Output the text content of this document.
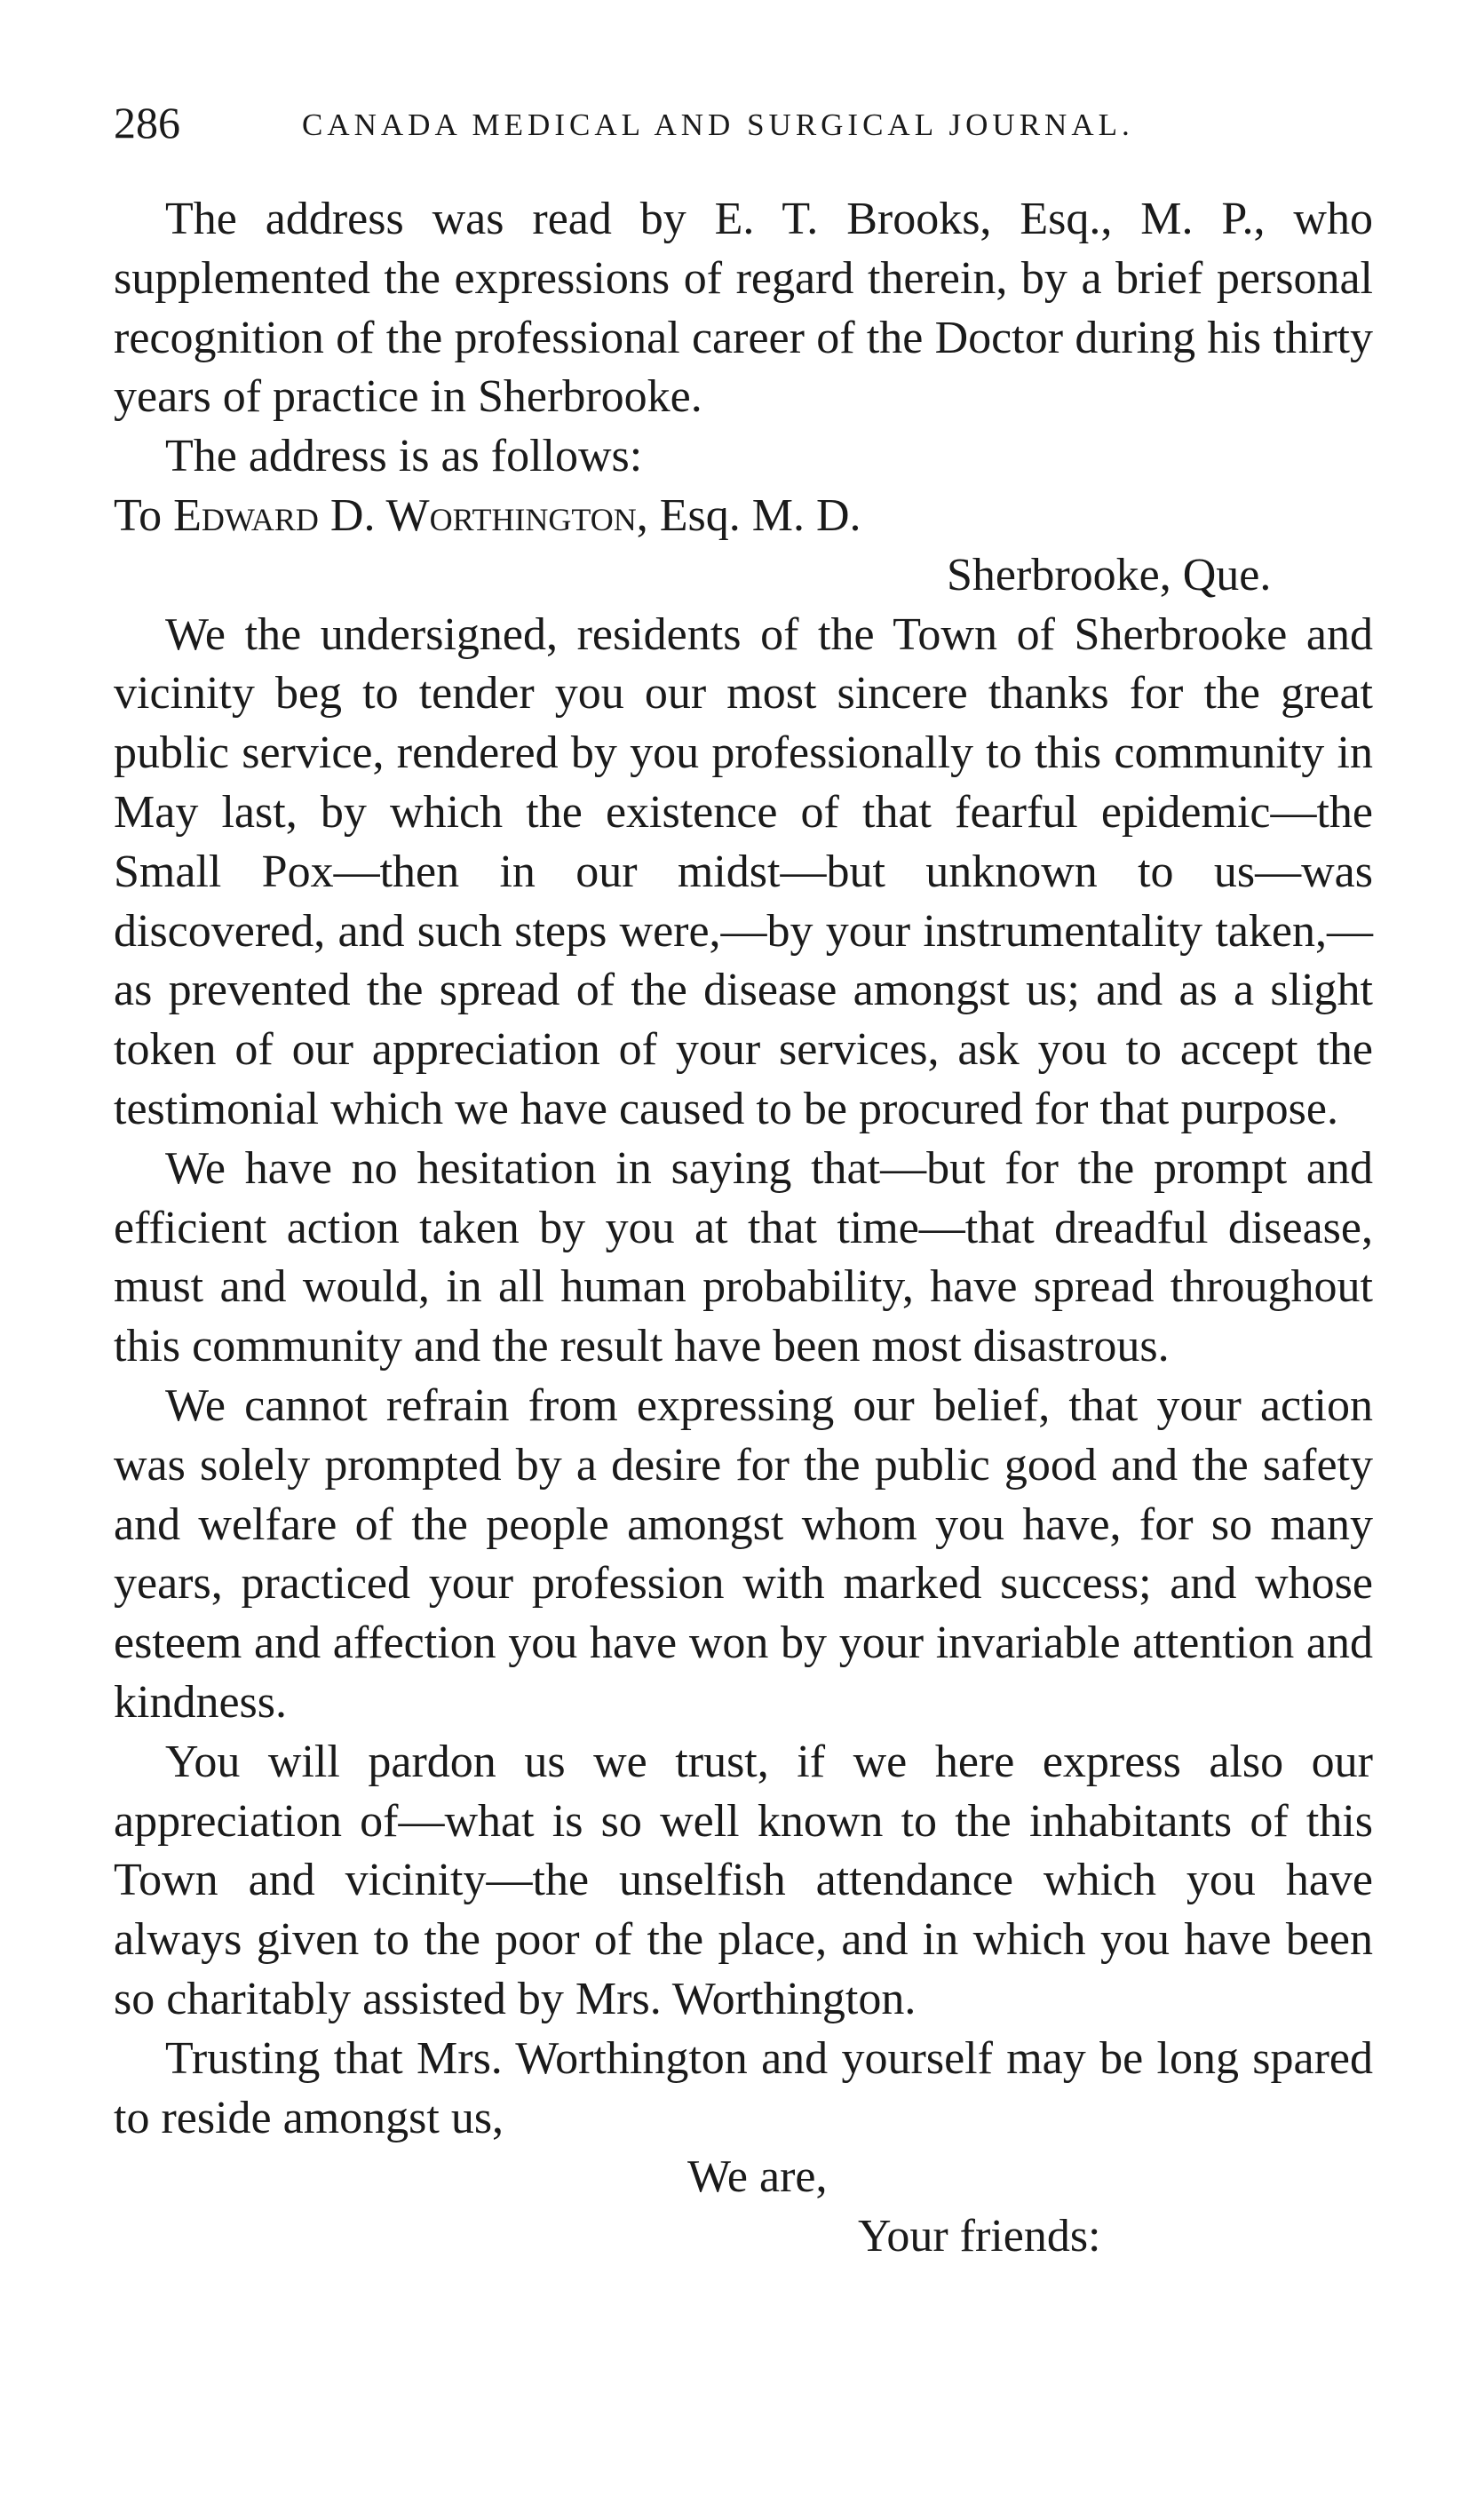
286	CANADA MEDICAL AND SURGICAL JOURNAL.

The address was read by E. T. Brooks, Esq., M. P., who supplemented the expressions of regard therein, by a brief personal recognition of the professional career of the Doctor during his thirty years of practice in Sherbrooke.

The address is as follows:

To Edward D. Worthington, Esq. M. D.

Sherbrooke, Que.

We the undersigned, residents of the Town of Sherbrooke and vicinity beg to tender you our most sincere thanks for the great public service, rendered by you professionally to this community in May last, by which the existence of that fearful epidemic—the Small Pox—then in our midst—but unknown to us—was discovered, and such steps were,—by your instrumentality taken,—as prevented the spread of the disease amongst us; and as a slight token of our appreciation of your services, ask you to accept the testimonial which we have caused to be procured for that purpose.

We have no hesitation in saying that—but for the prompt and efficient action taken by you at that time—that dreadful disease, must and would, in all human probability, have spread throughout this community and the result have been most disastrous.

We cannot refrain from expressing our belief, that your action was solely prompted by a desire for the public good and the safety and welfare of the people amongst whom you have, for so many years, practiced your profession with marked success; and whose esteem and affection you have won by your invariable attention and kindness.

You will pardon us we trust, if we here express also our appreciation of—what is so well known to the inhabitants of this Town and vicinity—the unselfish attendance which you have always given to the poor of the place, and in which you have been so charitably assisted by Mrs. Worthington.

Trusting that Mrs. Worthington and yourself may be long spared to reside amongst us,

We are,

Your friends:
